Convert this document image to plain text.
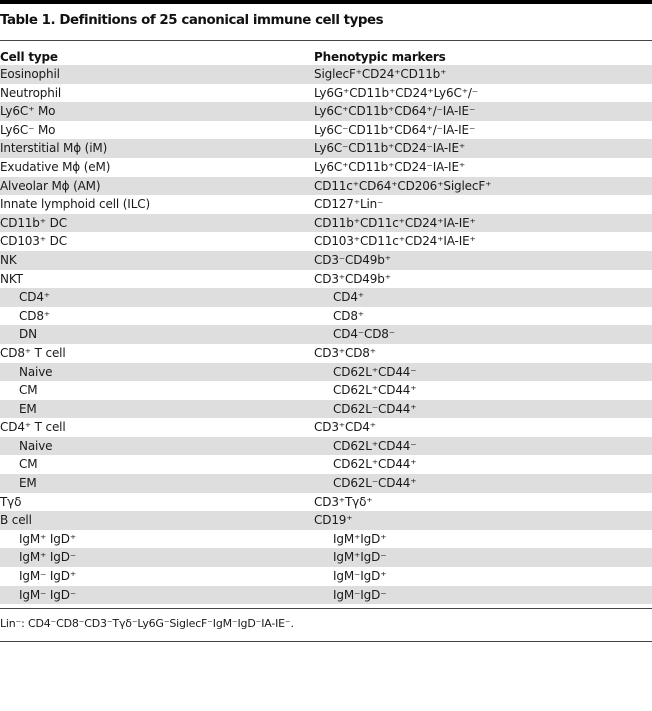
Table 1. Definitions of 25 canonical immune cell types
Cell type	Phenotypic markers
Eosinophil	SiglecF⁺CD24⁺CD11b⁺
Neutrophil	Ly6G⁺CD11b⁺CD24⁺Ly6C⁺/⁻
Ly6C⁺ Mo	Ly6C⁺CD11b⁺CD64⁺/⁻IA-IE⁻
Ly6C⁻ Mo	Ly6C⁻CD11b⁺CD64⁺/⁻IA-IE⁻
Interstitial Mϕ (iM)	Ly6C⁻CD11b⁺CD24⁻IA-IE⁺
Exudative Mϕ (eM)	Ly6C⁺CD11b⁺CD24⁻IA-IE⁺
Alveolar Mϕ (AM)	CD11c⁺CD64⁺CD206⁺SiglecF⁺
Innate lymphoid cell (ILC)	CD127⁺Lin⁻
CD11b⁺ DC	CD11b⁺CD11c⁺CD24⁺IA-IE⁺
CD103⁺ DC	CD103⁺CD11c⁺CD24⁺IA-IE⁺
NK	CD3⁻CD49b⁺
NKT	CD3⁺CD49b⁺
CD4⁺	CD4⁺
CD8⁺	CD8⁺
DN	CD4⁻CD8⁻
CD8⁺ T cell	CD3⁺CD8⁺
Naive	CD62L⁺CD44⁻
CM	CD62L⁺CD44⁺
EM	CD62L⁻CD44⁺
CD4⁺ T cell	CD3⁺CD4⁺
Naive	CD62L⁺CD44⁻
CM	CD62L⁺CD44⁺
EM	CD62L⁻CD44⁺
Tγδ	CD3⁺Tγδ⁺
B cell	CD19⁺
IgM⁺ IgD⁺	IgM⁺IgD⁺
IgM⁺ IgD⁻	IgM⁺IgD⁻
IgM⁻ IgD⁺	IgM⁻IgD⁺
IgM⁻ IgD⁻	IgM⁻IgD⁻
Lin⁻: CD4⁻CD8⁻CD3⁻Tγδ⁻Ly6G⁻SiglecF⁻IgM⁻IgD⁻IA-IE⁻.
